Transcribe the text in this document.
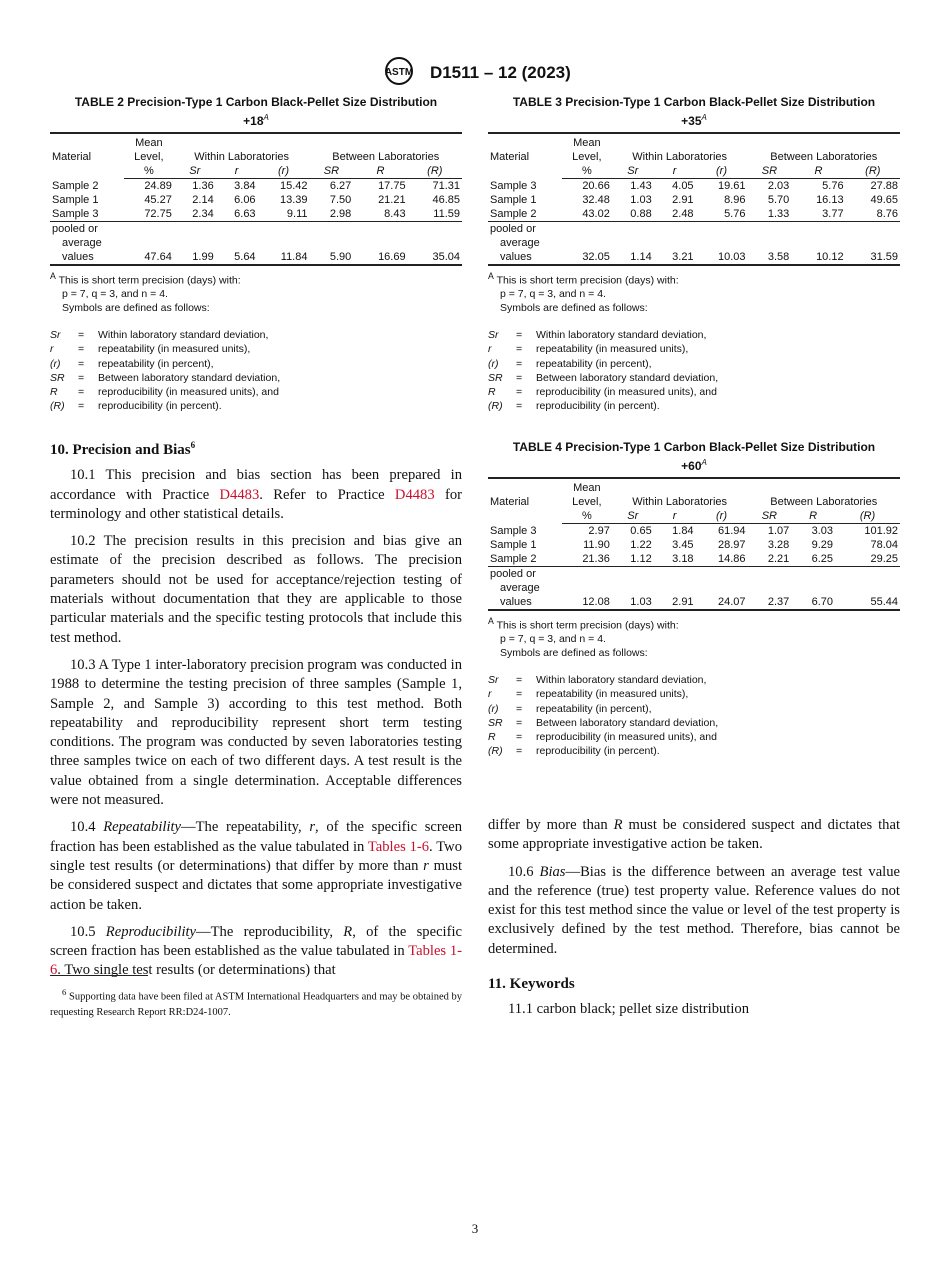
ASTM D1511 – 12 (2023)
TABLE 2 Precision-Type 1 Carbon Black-Pellet Size Distribution
$+18^A$
Material	Mean Level,	Within Laboratories			Between Laboratories		
	%	Sr	r	(r)	SR	R	(R)
Sample 2	24.89	1.36	3.84	15.42	6.27	17.75	71.31
Sample 1	45.27	2.14	6.06	13.39	7.50	21.21	46.85
Sample 3	72.75	2.34	6.63	9.11	2.98	8.43	11.59
pooled or							
average							
values	47.64	1.99	5.64	11.84	5.90	16.69	35.04
$^A$ This is short term precision (days) with:
p = 7, q = 3, and n = 4.
Symbols are defined as follows:
Sr	=	Within laboratory standard deviation,
r	=	repeatability (in measured units),
(r)	=	repeatability (in percent),
SR	=	Between laboratory standard deviation,
R	=	reproducibility (in measured units), and
(R)	=	reproducibility (in percent).
TABLE 3 Precision-Type 1 Carbon Black-Pellet Size Distribution
$+35^A$
Material	Mean Level,	Within Laboratories			Between Laboratories		
	%	Sr	r	(r)	SR	R	(R)
Sample 3	20.66	1.43	4.05	19.61	2.03	5.76	27.88
Sample 1	32.48	1.03	2.91	8.96	5.70	16.13	49.65
Sample 2	43.02	0.88	2.48	5.76	1.33	3.77	8.76
pooled or							
average							
values	32.05	1.14	3.21	10.03	3.58	10.12	31.59
$^A$ This is short term precision (days) with:
p = 7, q = 3, and n = 4.
Symbols are defined as follows:
Sr	=	Within laboratory standard deviation,
r	=	repeatability (in measured units),
(r)	=	repeatability (in percent),
SR	=	Between laboratory standard deviation,
R	=	reproducibility (in measured units), and
(R)	=	reproducibility (in percent).
TABLE 4 Precision-Type 1 Carbon Black-Pellet Size Distribution
$+60^A$
Material	Mean Level,	Within Laboratories			Between Laboratories		
	%	Sr	r	(r)	SR	R	(R)
Sample 3	2.97	0.65	1.84	61.94	1.07	3.03	101.92
Sample 1	11.90	1.22	3.45	28.97	3.28	9.29	78.04
Sample 2	21.36	1.12	3.18	14.86	2.21	6.25	29.25
pooled or							
average							
values	12.08	1.03	2.91	24.07	2.37	6.70	55.44
$^A$ This is short term precision (days) with:
p = 7, q = 3, and n = 4.
Symbols are defined as follows:
Sr	=	Within laboratory standard deviation,
r	=	repeatability (in measured units),
(r)	=	repeatability (in percent),
SR	=	Between laboratory standard deviation,
R	=	reproducibility (in measured units), and
(R)	=	reproducibility (in percent).
10. Precision and Bias$^6$

10.1 This precision and bias section has been prepared in accordance with Practice D4483. Refer to Practice D4483 for terminology and other statistical details.

10.2 The precision results in this precision and bias give an estimate of the precision described as follows. The precision parameters should not be used for acceptance/rejection testing of materials without documentation that they are applicable to those particular materials and the specific testing protocols that include this test method.

10.3 A Type 1 inter-laboratory precision program was conducted in 1988 to determine the testing precision of three samples (Sample 1, Sample 2, and Sample 3) according to this test method. Both repeatability and reproducibility represent short term testing conditions. The program was conducted by seven laboratories testing three samples twice on each of two different days. A test result is the value obtained from a single determination. Acceptable differences were not measured.

10.4 Repeatability—The repeatability, r, of the specific screen fraction has been established as the value tabulated in Tables 1-6. Two single test results (or determinations) that differ by more than r must be considered suspect and dictates that some appropriate investigative action be taken.

10.5 Reproducibility—The reproducibility, R, of the specific screen fraction has been established as the value tabulated in Tables 1-6. Two single test results (or determinations) that

$^6$ Supporting data have been filed at ASTM International Headquarters and may be obtained by requesting Research Report RR:D24-1007.

differ by more than R must be considered suspect and dictates that some appropriate investigative action be taken.

10.6 Bias—Bias is the difference between an average test value and the reference (true) test property value. Reference values do not exist for this test method since the value or level of the test property is exclusively defined by the test method. Therefore, bias cannot be determined.

11. Keywords

11.1 carbon black; pellet size distribution

3
